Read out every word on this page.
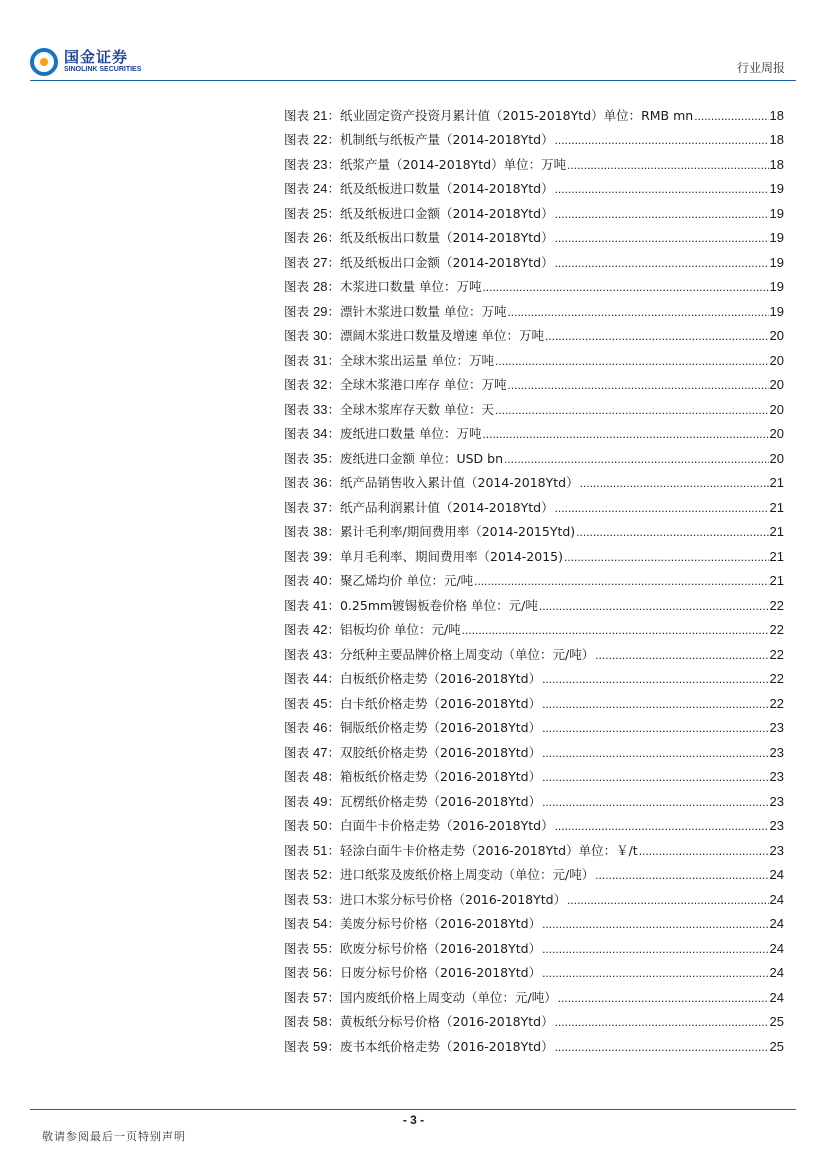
国金证券
SINOLINK SECURITIES	行业周报
图表 21：纸业固定资产投资月累计值（2015-2018Ytd）单位：RMB mn .....	18
图表 22：机制纸与纸板产量（2014-2018Ytd） .....	18
图表 23：纸浆产量（2014-2018Ytd）单位：万吨 .....	18
图表 24：纸及纸板进口数量（2014-2018Ytd） .....	19
图表 25：纸及纸板进口金额（2014-2018Ytd） .....	19
图表 26：纸及纸板出口数量（2014-2018Ytd） .....	19
图表 27：纸及纸板出口金额（2014-2018Ytd） .....	19
图表 28：木浆进口数量 单位：万吨 .....	19
图表 29：漂针木浆进口数量 单位：万吨 .....	19
图表 30：漂阔木浆进口数量及增速 单位：万吨 .....	20
图表 31：全球木浆出运量 单位：万吨 .....	20
图表 32：全球木浆港口库存 单位：万吨 .....	20
图表 33：全球木浆库存天数 单位：天 .....	20
图表 34：废纸进口数量 单位：万吨 .....	20
图表 35：废纸进口金额 单位：USD bn .....	20
图表 36：纸产品销售收入累计值（2014-2018Ytd） .....	21
图表 37：纸产品利润累计值（2014-2018Ytd） .....	21
图表 38：累计毛利率/期间费用率（2014-2015Ytd) .....	21
图表 39：单月毛利率、期间费用率（2014-2015) .....	21
图表 40：聚乙烯均价 单位：元/吨 .....	21
图表 41：0.25mm镀锡板卷价格 单位：元/吨 .....	22
图表 42：铝板均价 单位：元/吨 .....	22
图表 43：分纸种主要品牌价格上周变动（单位：元/吨） .....	22
图表 44：白板纸价格走势（2016-2018Ytd） .....	22
图表 45：白卡纸价格走势（2016-2018Ytd） .....	22
图表 46：铜版纸价格走势（2016-2018Ytd） .....	23
图表 47：双胶纸价格走势（2016-2018Ytd） .....	23
图表 48：箱板纸价格走势（2016-2018Ytd） .....	23
图表 49：瓦楞纸价格走势（2016-2018Ytd） .....	23
图表 50：白面牛卡价格走势（2016-2018Ytd） .....	23
图表 51：轻涂白面牛卡价格走势（2016-2018Ytd）单位：￥/t .....	23
图表 52：进口纸浆及废纸价格上周变动（单位：元/吨） .....	24
图表 53：进口木浆分标号价格（2016-2018Ytd） .....	24
图表 54：美废分标号价格（2016-2018Ytd） .....	24
图表 55：欧废分标号价格（2016-2018Ytd） .....	24
图表 56：日废分标号价格（2016-2018Ytd） .....	24
图表 57：国内废纸价格上周变动（单位：元/吨） .....	24
图表 58：黄板纸分标号价格（2016-2018Ytd） .....	25
图表 59：废书本纸价格走势（2016-2018Ytd） .....	25
- 3 -
敬请参阅最后一页特别声明
